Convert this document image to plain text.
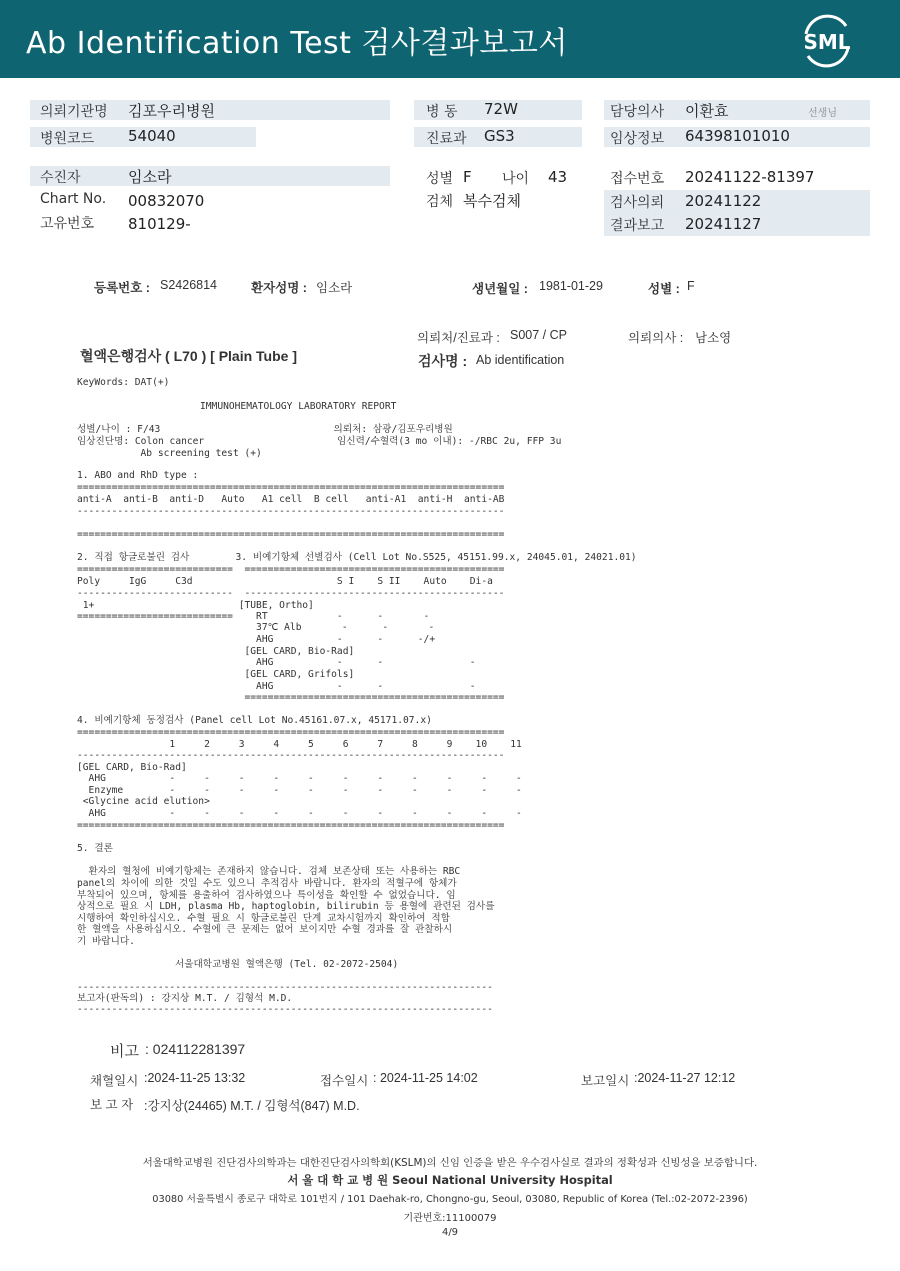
Ab Identification Test 검사결과보고서	SML
의뢰기관명 김포우리병원
병원코드 54040
병 동 72W
진료과 GS3
담당의사 이환효	선생님
임상정보 64398101010
수진자	임소라
Chart No. 00832070
고유번호 810129-
성별 F 나이 43
검체 복수검체
접수번호 20241122-81397
검사의뢰 20241122
결과보고 20241127
등록번호 : S2426814	환자성명 : 임소라	생년월일 : 1981-01-29	성별 : F
의뢰처/진료과 : S007 / CP	의뢰의사 : 남소영
혈액은행검사 ( L70 ) [ Plain Tube ]	검사명 : Ab identification
KeyWords: DAT(+)
IMMUNOHEMATOLOGY LABORATORY REPORT
성별/나이 : F/43                              의뢰처: 삼광/김포우리병원
임상진단명: Colon cancer                       임신력/수혈력(3 mo 이내): -/RBC 2u, FFP 3u
Ab screening test (+)
1. ABO and RhD type :
==========================================================================
anti-A  anti-B  anti-D   Auto   A1 cell  B cell   anti-A1  anti-H  anti-AB
--------------------------------------------------------------------------
==========================================================================
2. 직접 항글로불린 검사        3. 비예기항체 선별검사 (Cell Lot No.S525, 45151.99.x, 24045.01, 24021.01)
===========================  =============================================
Poly     IgG     C3d                         S I    S II    Auto    Di-a
---------------------------  ---------------------------------------------
1+                         [TUBE, Ortho]
===========================    RT            -      -       -
37℃ Alb       -      -       -
AHG           -      -      -/+
[GEL CARD, Bio-Rad]
AHG           -      -               -
[GEL CARD, Grifols]
AHG           -      -               -
=============================================
4. 비예기항체 동정검사 (Panel cell Lot No.45161.07.x, 45171.07.x)
==========================================================================
1     2     3     4     5     6     7     8     9    10    11
--------------------------------------------------------------------------
[GEL CARD, Bio-Rad]
AHG           -     -     -     -     -     -     -     -     -     -     -
Enzyme        -     -     -     -     -     -     -     -     -     -     -
<Glycine acid elution>
AHG           -     -     -     -     -     -     -     -     -     -     -
==========================================================================
5. 결론
환자의 혈청에 비예기항체는 존재하지 않습니다. 검체 보존상태 또는 사용하는 RBC
panel의 차이에 의한 것일 수도 있으니 추적검사 바랍니다. 환자의 적혈구에 항체가
부착되어 있으며, 항체를 용출하여 검사하였으나 특이성을 확인할 수 없었습니다. 임
상적으로 필요 시 LDH, plasma Hb, haptoglobin, bilirubin 등 용혈에 관련된 검사를
시행하여 확인하십시오. 수혈 필요 시 항글로불린 단계 교차시험까지 확인하여 적합
한 혈액을 사용하십시오. 수혈에 큰 문제는 없어 보이지만 수혈 경과를 잘 관찰하시
기 바랍니다.
서울대학교병원 혈액은행 (Tel. 02-2072-2504)
------------------------------------------------------------------------
보고자(판독의) : 강지상 M.T. / 김형석 M.D.
------------------------------------------------------------------------
비고 : 024112281397
채혈일시 :2024-11-25 13:32	접수일시 : 2024-11-25 14:02	보고일시 :2024-11-27 12:12
보 고 자 :강지상(24465) M.T. / 김형석(847) M.D.
서울대학교병원 진단검사의학과는 대한진단검사의학회(KSLM)의 신임 인증을 받은 우수검사실로 결과의 정확성과 신빙성을 보증합니다.
서 울 대 학 교 병 원 Seoul National University Hospital
03080 서울특별시 종로구 대학로 101번지 / 101 Daehak-ro, Chongno-gu, Seoul, 03080, Republic of Korea (Tel.:02-2072-2396)
기관번호:11100079
4/9
